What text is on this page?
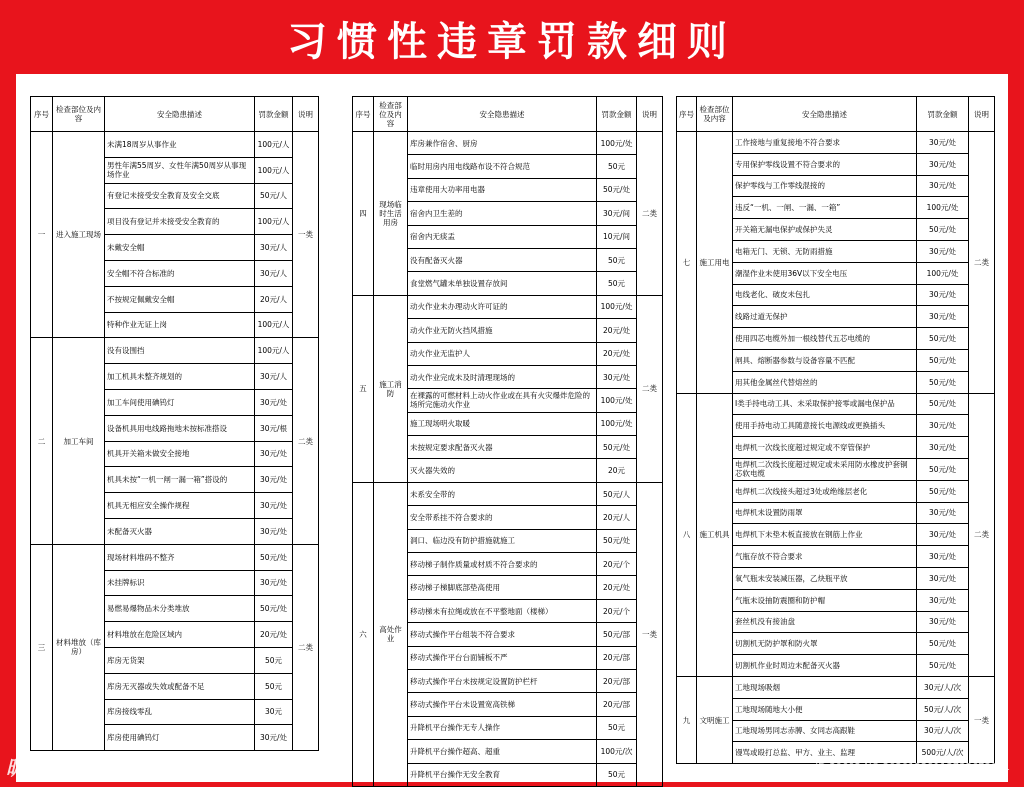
习惯性违章罚款细则
序号	检查部位及内容	安全隐患描述	罚款金额	说明
一	进入施工现场	未满18周岁从事作业	100元/人	一类
		男性年满55周岁、女性年满50周岁从事现场作业	100元/人	
		有登记未接受安全教育及安全交底	50元/人	
		项目没有登记并未接受安全教育的	100元/人	
		未戴安全帽	30元/人	
		安全帽不符合标准的	30元/人	
		不按规定佩戴安全帽	20元/人	
		特种作业无证上岗	100元/人	
二	加工车间	没有设围挡	100元/人	二类
		加工机具未整齐规划的	30元/人	
		加工车间使用碘钨灯	30元/处	
		设备机具用电线路拖地未按标准搭设	30元/根	
		机具开关箱未做安全接地	30元/处	
		机具未按“一机一闸一漏一箱”搭设的	30元/处	
		机具无相应安全操作规程	30元/处	
		未配备灭火器	30元/处	
三	材料堆放（库房）	现场材料堆码不整齐	50元/处	二类
		未挂牌标识	30元/处	
		易燃易爆物品未分类堆放	50元/处	
		材料堆放在危险区域内	20元/处	
		库房无货架	50元	
		库房无灭器或失效或配备不足	50元	
		库房接线零乱	30元	
		库房使用碘钨灯	30元/处	
序号	检查部位及内容	安全隐患描述	罚款金额	说明
四	现场临时生活用房	库房兼作宿舍、厨房	100元/处	二类
		临时用房内用电线路布设不符合规范	50元	
		违章使用大功率用电器	50元/处	
		宿舍内卫生差的	30元/间	
		宿舍内无痰盂	10元/间	
		没有配备灭火器	50元	
		食堂燃气罐未单独设置存放间	50元	
五	施工消防	动火作业未办理动火许可证的	100元/处	二类
		动火作业无防火挡风措施	20元/处	
		动火作业无监护人	20元/处	
		动火作业完成未及时清理现场的	30元/处	
		在裸露的可燃材料上动火作业或在具有火灾爆炸危险的场所完施动火作业	100元/处	
		施工现场明火取暖	100元/处	
		未按规定要求配备灭火器	50元/处	
		灭火器失效的	20元	
六	高处作业	未系安全带的	50元/人	一类
		安全带系挂不符合要求的	20元/人	
		洞口、临边没有防护措施就施工	50元/处	
		移动梯子制作质量或材质不符合要求的	20元/个	
		移动梯子梯脚底部垫高使用	20元/处	
		移动梯未有拉绳或放在不平整地面（楼梯）	20元/个	
		移动式操作平台组装不符合要求	50元/部	
		移动式操作平台台面铺板不严	20元/部	
		移动式操作平台未按规定设置防护栏杆	20元/部	
		移动式操作平台未设置宽高铁梯	20元/部	
		升降机平台操作无专人操作	50元	
		升降机平台操作超高、超重	100元/次	
		升降机平台操作无安全教育	50元	
序号	检查部位及内容	安全隐患描述	罚款金额	说明
七	施工用电	工作接地与重复接地不符合要求	30元/处	二类
		专用保护零线设置不符合要求的	30元/处	
		保护零线与工作零线混接的	30元/处	
		违反“一机、一闸、一漏、一箱”	100元/处	
		开关箱无漏电保护或保护失灵	50元/处	
		电箱无门、无锁、无防雨措施	30元/处	
		潮湿作业未使用36V以下安全电压	100元/处	
		电线老化、破皮未包扎	30元/处	
		线路过道无保护	30元/处	
		使用四芯电缆外加一根线替代五芯电缆的	50元/处	
		闸具、熔断器参数与设备容量不匹配	50元/处	
		用其他金属丝代替熔丝的	50元/处	
八	施工机具	I类手持电动工具、未采取保护接零或漏电保护品	50元/处	二类
		使用手持电动工具随意接长电源线或更换插头	30元/处	
		电焊机一次线长度超过规定或不穿管保护	30元/处	
		电焊机二次线长度超过规定或未采用防水橡皮护套铜芯软电缆	50元/处	
		电焊机二次线接头超过3处或绝缘层老化	50元/处	
		电焊机未设置防雨罩	30元/处	
		电焊机下未垫木板直接放在钢筋上作业	30元/处	
		气瓶存放不符合要求	30元/处	
		氧气瓶未安装减压器，乙炔瓶平放	30元/处	
		气瓶未设抽防震圈和防护帽	30元/处	
		套丝机没有接油盘	30元/处	
		切割机无防护罩和防火罩	50元/处	
		切割机作业时周边未配备灭火器	50元/处	
九	文明施工	工地现场吸烟	30元/人/次	一类
		工地现场随地大小便	50元/人/次	
		工地现场男同志赤膊、女同志高跟鞋	30元/人/次	
		谩骂或殴打总监、甲方、业主、监理	500元/人/次	
昵享网 www.nipic.com	ID:30602 NO:20201229113735673081
